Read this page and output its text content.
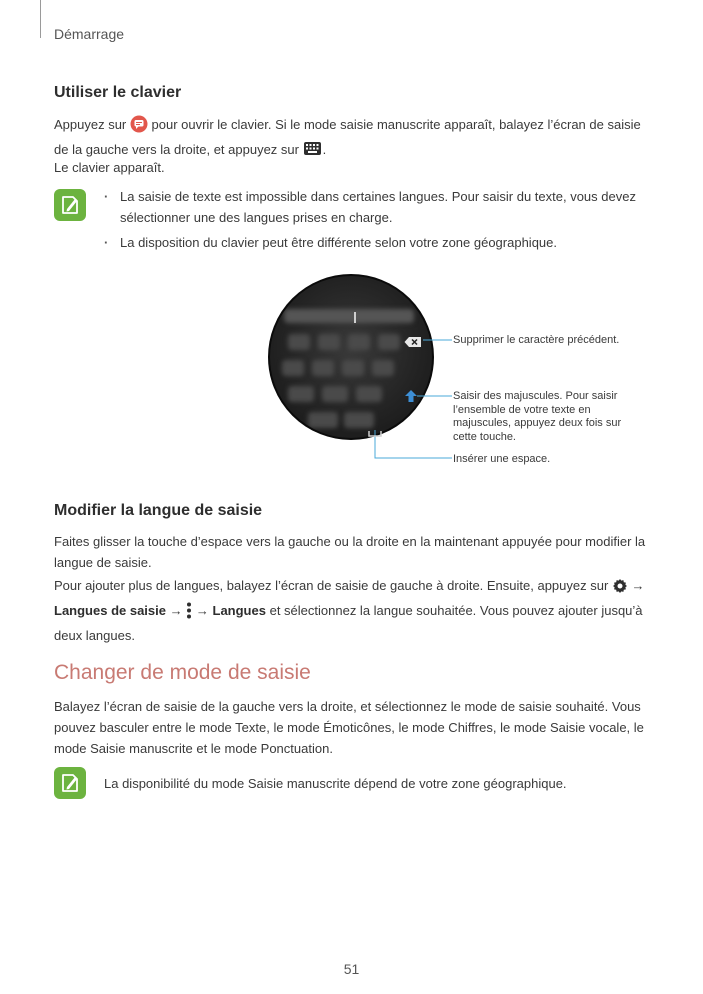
Démarrage
Utiliser le clavier
Appuyez sur pour ouvrir le clavier. Si le mode saisie manuscrite apparaît, balayez l’écran de saisie
de la gauche vers la droite, et appuyez sur .
Le clavier apparaît.
· La saisie de texte est impossible dans certaines langues. Pour saisir du texte, vous devez sélectionner une des langues prises en charge.
· La disposition du clavier peut être différente selon votre zone géographique.
Supprimer le caractère précédent.
Saisir des majuscules. Pour saisir l’ensemble de votre texte en majuscules, appuyez deux fois sur cette touche.
Insérer une espace.
Modifier la langue de saisie
Faites glisser la touche d’espace vers la gauche ou la droite en la maintenant appuyée pour modifier la langue de saisie.
Pour ajouter plus de langues, balayez l’écran de saisie de gauche à droite. Ensuite, appuyez sur →
Langues de saisie → → Langues et sélectionnez la langue souhaitée. Vous pouvez ajouter jusqu’à deux langues.
Changer de mode de saisie
Balayez l’écran de saisie de la gauche vers la droite, et sélectionnez le mode de saisie souhaité. Vous pouvez basculer entre le mode Texte, le mode Émoticônes, le mode Chiffres, le mode Saisie vocale, le mode Saisie manuscrite et le mode Ponctuation.
La disponibilité du mode Saisie manuscrite dépend de votre zone géographique.
51
